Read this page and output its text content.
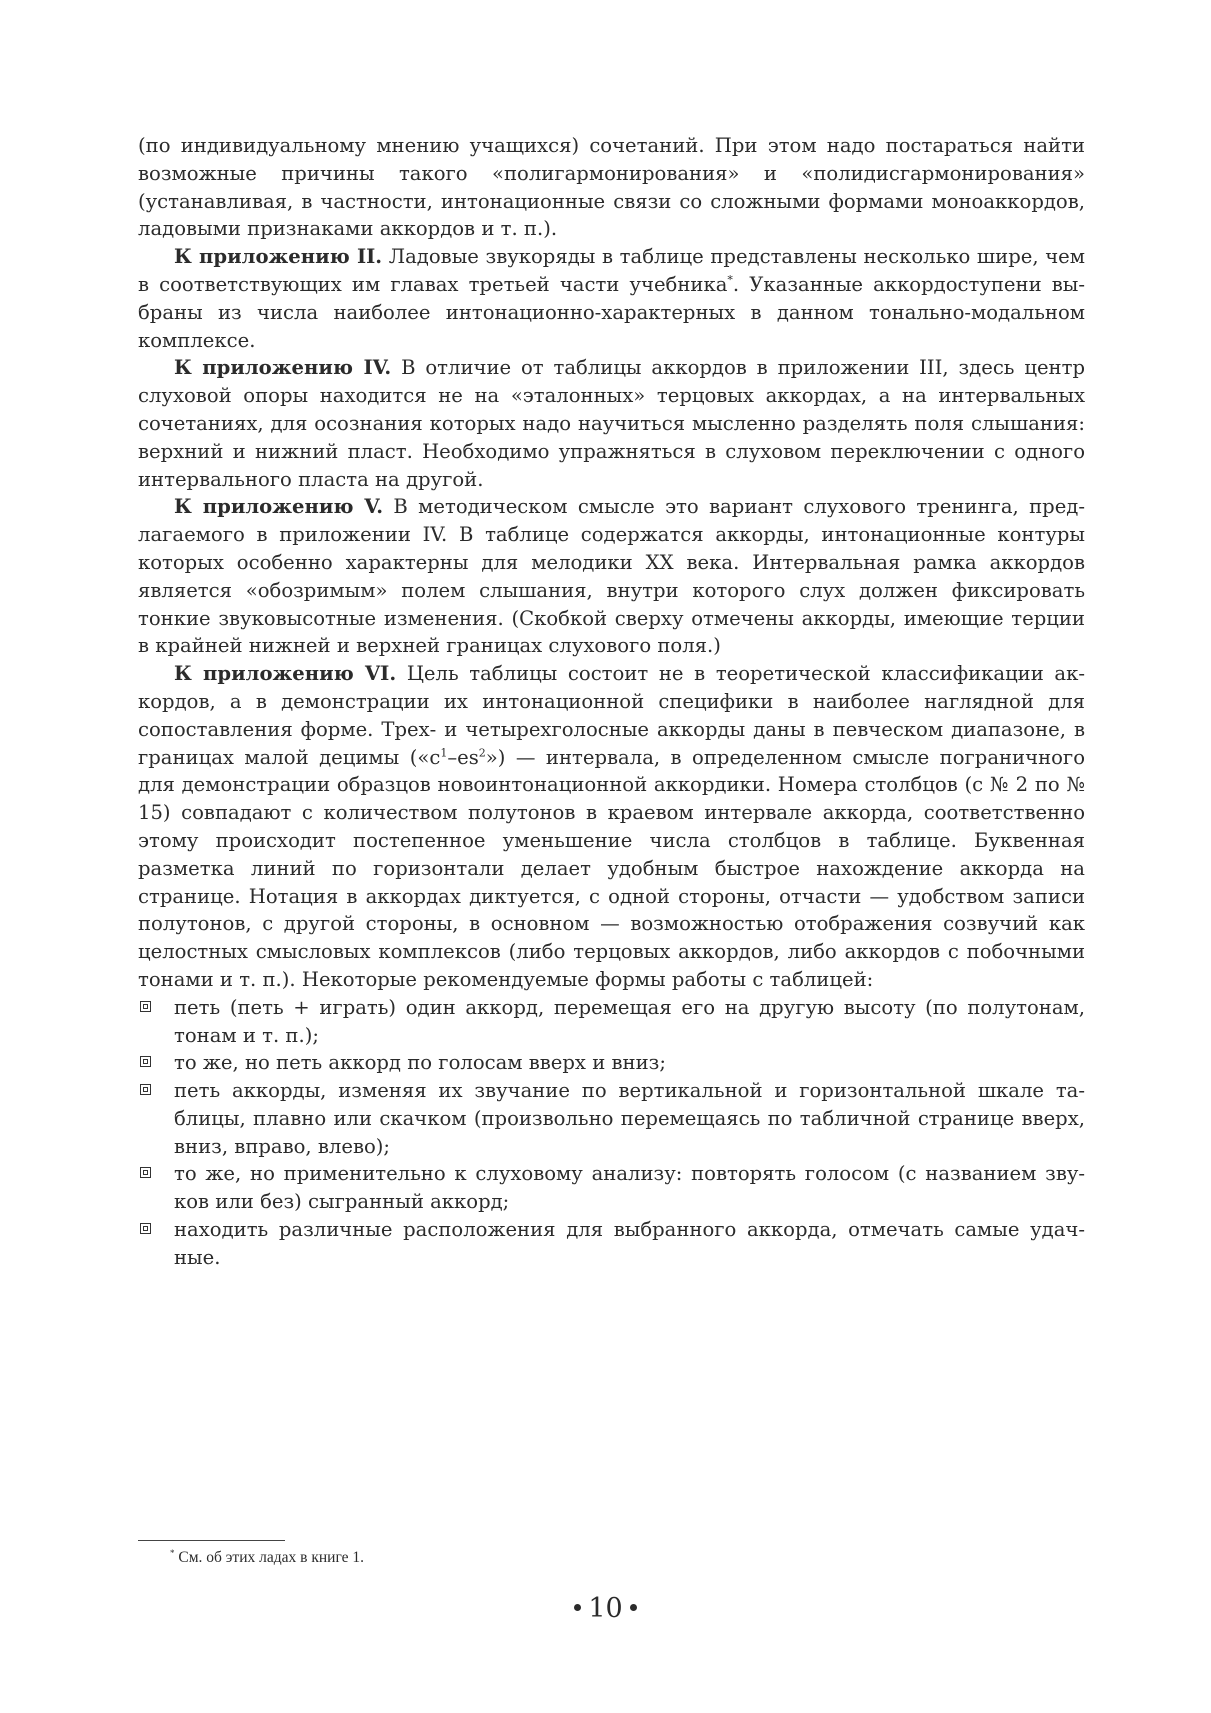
(по индивидуальному мнению учащихся) сочетаний. При этом надо постараться найти возможные причины такого «полигармонирования» и «полидисгармонирования» (устанавливая, в частности, интонационные связи со сложными формами моноаккордов, ладовыми признаками аккордов и т. п.).

К приложению II. Ладовые звукоряды в таблице представлены несколько шире, чем в соответствующих им главах третьей части учебника*. Указанные аккордоступени выбраны из числа наиболее интонационно-характерных в данном тонально-модальном комплексе.

К приложению IV. В отличие от таблицы аккордов в приложении III, здесь центр слуховой опоры находится не на «эталонных» терцовых аккордах, а на интервальных сочетаниях, для осознания которых надо научиться мысленно разделять поля слышания: верхний и нижний пласт. Необходимо упражняться в слуховом переключении с одного интервального пласта на другой.

К приложению V. В методическом смысле это вариант слухового тренинга, предлагаемого в приложении IV. В таблице содержатся аккорды, интонационные контуры которых особенно характерны для мелодики XX века. Интервальная рамка аккордов является «обозримым» полем слышания, внутри которого слух должен фиксировать тонкие звуковысотные изменения. (Скобкой сверху отмечены аккорды, имеющие терции в крайней нижней и верхней границах слухового поля.)

К приложению VI. Цель таблицы состоит не в теоретической классификации аккордов, а в демонстрации их интонационной специфики в наиболее наглядной для сопоставления форме. Трех- и четырехголосные аккорды даны в певческом диапазоне, в границах малой децимы $(«c^1-es^2»)$ — интервала, в определенном смысле пограничного для демонстрации образцов новоинтонационной аккордики. Номера столбцов (с № 2 по № 15) совпадают с количеством полутонов в краевом интервале аккорда, соответственно этому происходит постепенное уменьшение числа столбцов в таблице. Буквенная разметка линий по горизонтали делает удобным быстрое нахождение аккорда на странице. Нотация в аккордах диктуется, с одной стороны, отчасти — удобством записи полутонов, с другой стороны, в основном — возможностью отображения созвучий как целостных смысловых комплексов (либо терцовых аккордов, либо аккордов с побочными тонами и т. п.). Некоторые рекомендуемые формы работы с таблицей:

петь (петь + играть) один аккорд, перемещая его на другую высоту (по полутонам, тонам и т. п.);
то же, но петь аккорд по голосам вверх и вниз;
петь аккорды, изменяя их звучание по вертикальной и горизонтальной шкале таблицы, плавно или скачком (произвольно перемещаясь по табличной странице вверх, вниз, вправо, влево);
то же, но применительно к слуховому анализу: повторять голосом (с названием звуков или без) сыгранный аккорд;
находить различные расположения для выбранного аккорда, отмечать самые удачные.
* См. об этих ладах в книге 1.
10
